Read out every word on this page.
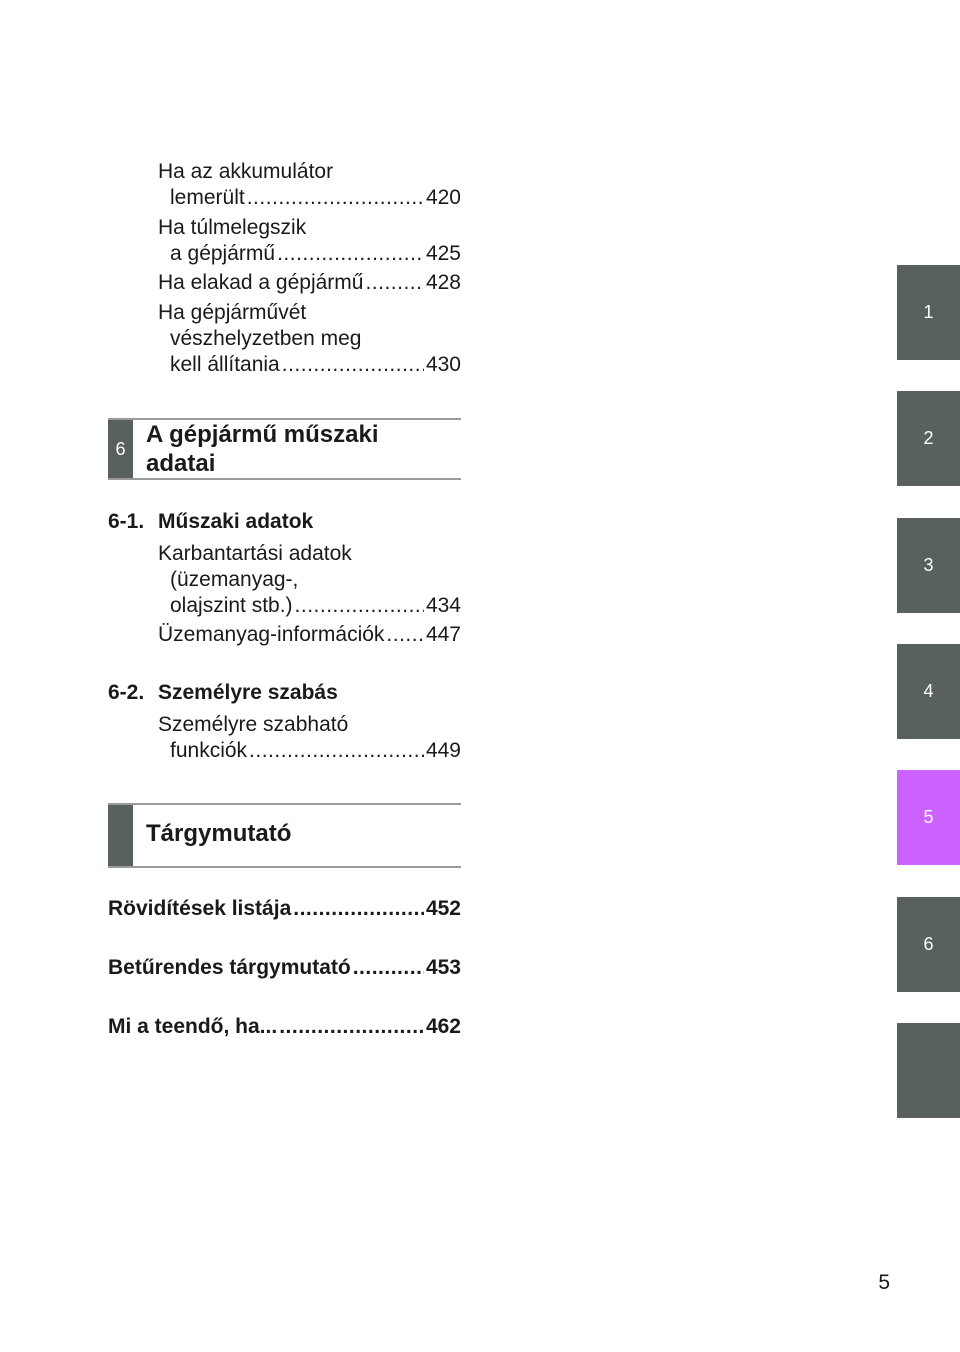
Ha az akkumulátor
lemerült .....	420
Ha túlmelegszik
a gépjármű .....	425
Ha elakad a gépjármű .....	428
Ha gépjárművét
vészhelyzetben meg
kell állítania .....	430
6
A gépjármű műszaki
adatai
6-1. Műszaki adatok
Karbantartási adatok
(üzemanyag-,
olajszint stb.) .....	434
Üzemanyag-információk ..... 447
6-2. Személyre szabás
Személyre szabható
funkciók .....	449
Tárgymutató
Rövidítések listája .....	452
Betűrendes tárgymutató .....	453
Mi a teendő, ha... .....	462
1
2
3
4
5
6
5
